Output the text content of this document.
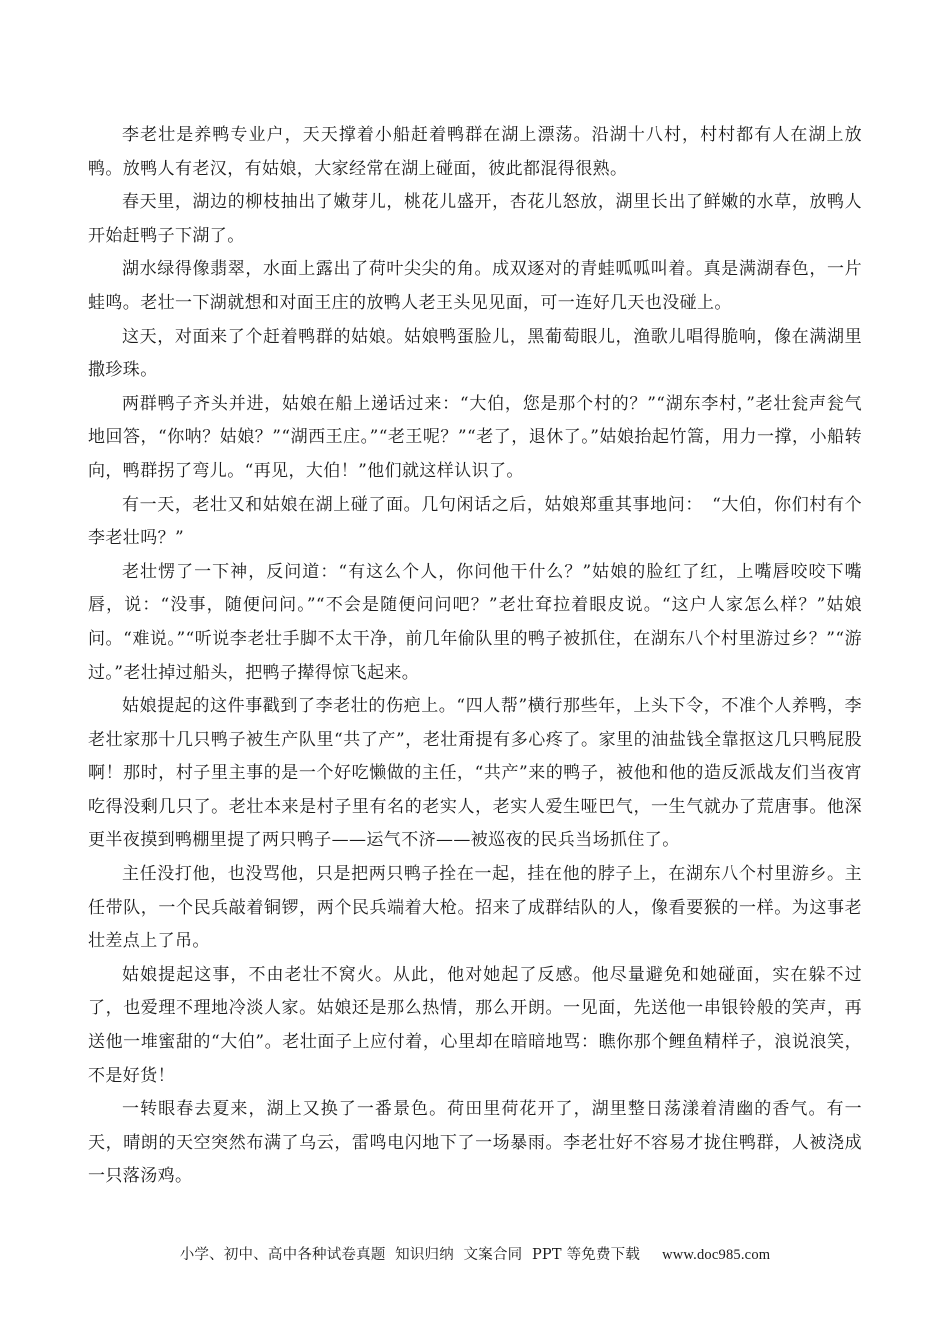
李老壮是养鸭专业户，天天撑着小船赶着鸭群在湖上漂荡。沿湖十八村，村村都有人在湖上放鸭。放鸭人有老汉，有姑娘，大家经常在湖上碰面，彼此都混得很熟。

春天里，湖边的柳枝抽出了嫩芽儿，桃花儿盛开，杏花儿怒放，湖里长出了鲜嫩的水草，放鸭人开始赶鸭子下湖了。

湖水绿得像翡翠，水面上露出了荷叶尖尖的角。成双逐对的青蛙呱呱叫着。真是满湖春色，一片蛙鸣。老壮一下湖就想和对面王庄的放鸭人老王头见见面，可一连好几天也没碰上。

这天，对面来了个赶着鸭群的姑娘。姑娘鸭蛋脸儿，黑葡萄眼儿，渔歌儿唱得脆响，像在满湖里撒珍珠。

两群鸭子齐头并进，姑娘在船上递话过来：“大伯，您是那个村的？”“湖东李村，”老壮瓮声瓮气地回答，“你呐？姑娘？”“湖西王庄。”“老王呢？”“老了，退休了。”姑娘抬起竹篙，用力一撑，小船转向，鸭群拐了弯儿。“再见，大伯！”他们就这样认识了。

有一天，老壮又和姑娘在湖上碰了面。几句闲话之后，姑娘郑重其事地问：　“大伯，你们村有个李老壮吗？”

老壮愣了一下神，反问道：“有这么个人，你问他干什么？”姑娘的脸红了红，上嘴唇咬咬下嘴唇，说：“没事，随便问问。”“不会是随便问问吧？”老壮耷拉着眼皮说。“这户人家怎么样？”姑娘问。“难说。”“听说李老壮手脚不太干净，前几年偷队里的鸭子被抓住，在湖东八个村里游过乡？”“游过。”老壮掉过船头，把鸭子撵得惊飞起来。

姑娘提起的这件事戳到了李老壮的伤疤上。“四人帮”横行那些年，上头下令，不准个人养鸭，李老壮家那十几只鸭子被生产队里“共了产”，老壮甭提有多心疼了。家里的油盐钱全靠抠这几只鸭屁股啊！那时，村子里主事的是一个好吃懒做的主任，“共产”来的鸭子，被他和他的造反派战友们当夜宵吃得没剩几只了。老壮本来是村子里有名的老实人，老实人爱生哑巴气，一生气就办了荒唐事。他深更半夜摸到鸭棚里提了两只鸭子——运气不济——被巡夜的民兵当场抓住了。

主任没打他，也没骂他，只是把两只鸭子拴在一起，挂在他的脖子上，在湖东八个村里游乡。主任带队，一个民兵敲着铜锣，两个民兵端着大枪。招来了成群结队的人，像看要猴的一样。为这事老壮差点上了吊。

姑娘提起这事，不由老壮不窝火。从此，他对她起了反感。他尽量避免和她碰面，实在躲不过了，也爱理不理地冷淡人家。姑娘还是那么热情，那么开朗。一见面，先送他一串银铃般的笑声，再送他一堆蜜甜的“大伯”。老壮面子上应付着，心里却在暗暗地骂：瞧你那个鲤鱼精样子，浪说浪笑，不是好货！

一转眼春去夏来，湖上又换了一番景色。荷田里荷花开了，湖里整日荡漾着清幽的香气。有一天，晴朗的天空突然布满了乌云，雷鸣电闪地下了一场暴雨。李老壮好不容易才拢住鸭群，人被浇成一只落汤鸡。

小学、初中、高中各种试卷真题  知识归纳  文案合同  PPT 等免费下载 www.doc985.com
